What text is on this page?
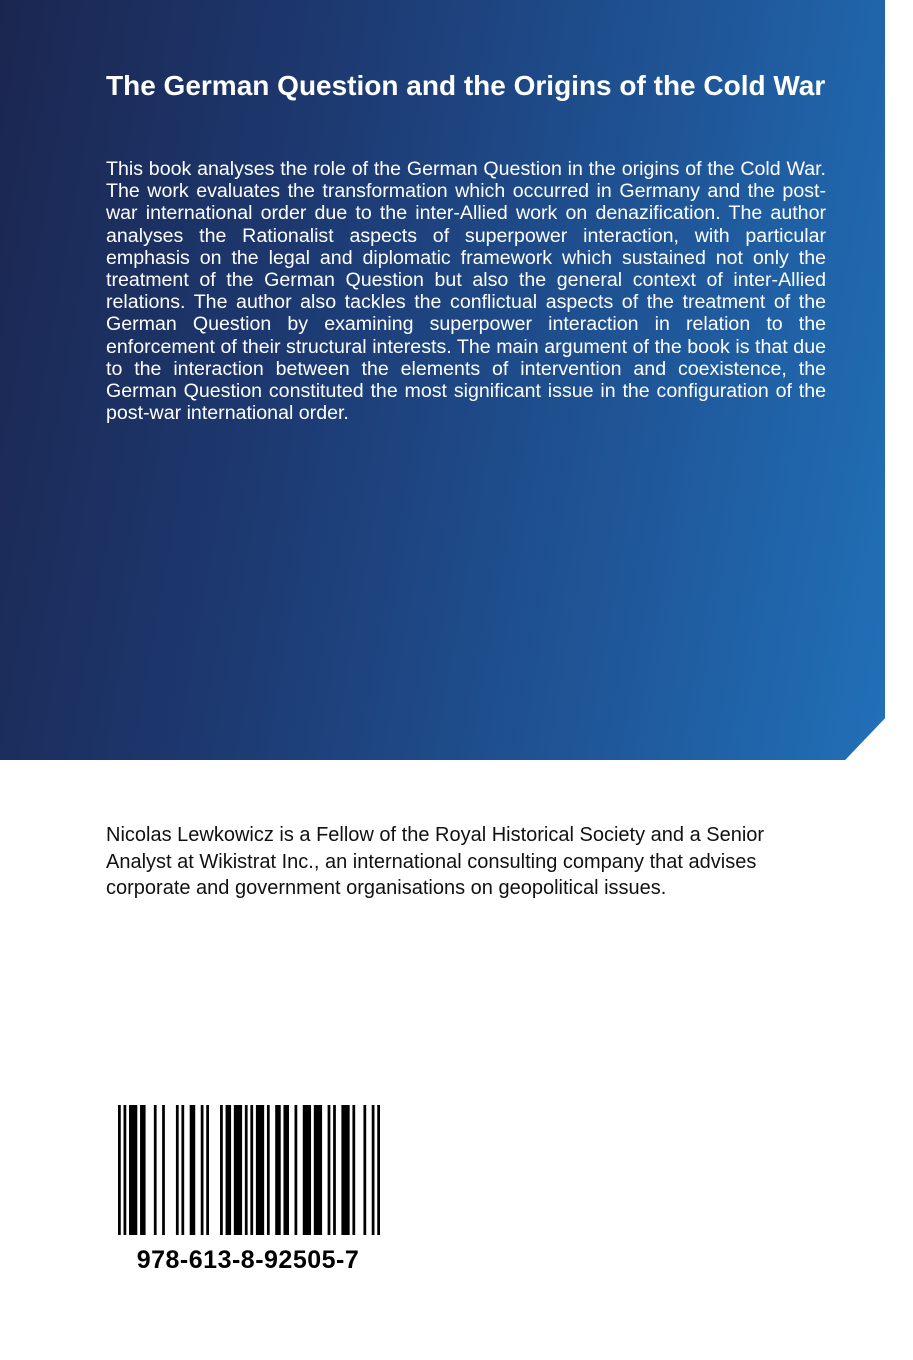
The German Question and the Origins of the Cold War

This book analyses the role of the German Question in the origins of the Cold War. The work evaluates the transformation which occurred in Germany and the post-war international order due to the inter-Allied work on denazification. The author analyses the Rationalist aspects of superpower interaction, with particular emphasis on the legal and diplomatic framework which sustained not only the treatment of the German Question but also the general context of inter-Allied relations. The author also tackles the conflictual aspects of the treatment of the German Question by examining superpower interaction in relation to the enforcement of their structural interests. The main argument of the book is that due to the interaction between the elements of intervention and coexistence, the German Question constituted the most significant issue in the configuration of the post-war international order.

Nicolas Lewkowicz is a Fellow of the Royal Historical Society and a Senior Analyst at Wikistrat Inc., an international consulting company that advises corporate and government organisations on geopolitical issues.

978-613-8-92505-7
